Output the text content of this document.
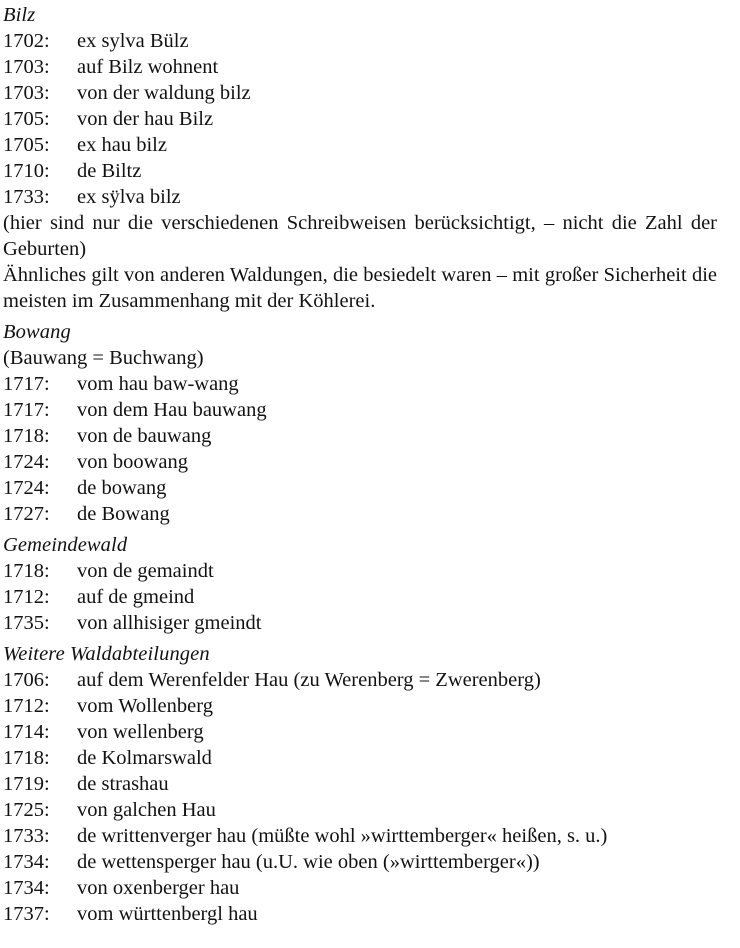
Bilz
1702:	ex sylva Bülz
1703:	auf Bilz wohnent
1703:	von der waldung bilz
1705:	von der hau Bilz
1705:	ex hau bilz
1710:	de Biltz
1733:	ex sÿlva bilz

(hier sind nur die verschiedenen Schreibweisen berücksichtigt, – nicht die Zahl der Geburten)

Ähnliches gilt von anderen Waldungen, die besiedelt waren – mit großer Sicherheit die meisten im Zusammenhang mit der Köhlerei.

Bowang
(Bauwang = Buchwang)
1717:	vom hau baw-wang
1717:	von dem Hau bauwang
1718:	von de bauwang
1724:	von boowang
1724:	de bowang
1727:	de Bowang
Gemeindewald
1718:	von de gemaindt
1712:	auf de gmeind
1735:	von allhisiger gmeindt
Weitere Waldabteilungen
1706:	auf dem Werenfelder Hau (zu Werenberg = Zwerenberg)
1712:	vom Wollenberg
1714:	von wellenberg
1718:	de Kolmarswald
1719:	de strashau
1725:	von galchen Hau
1733:	de writtenverger hau (müßte wohl »wirttemberger« heißen, s. u.)
1734:	de wettensperger hau (u.U. wie oben (»wirttemberger«))
1734:	von oxenberger hau
1737:	vom württenbergl hau
